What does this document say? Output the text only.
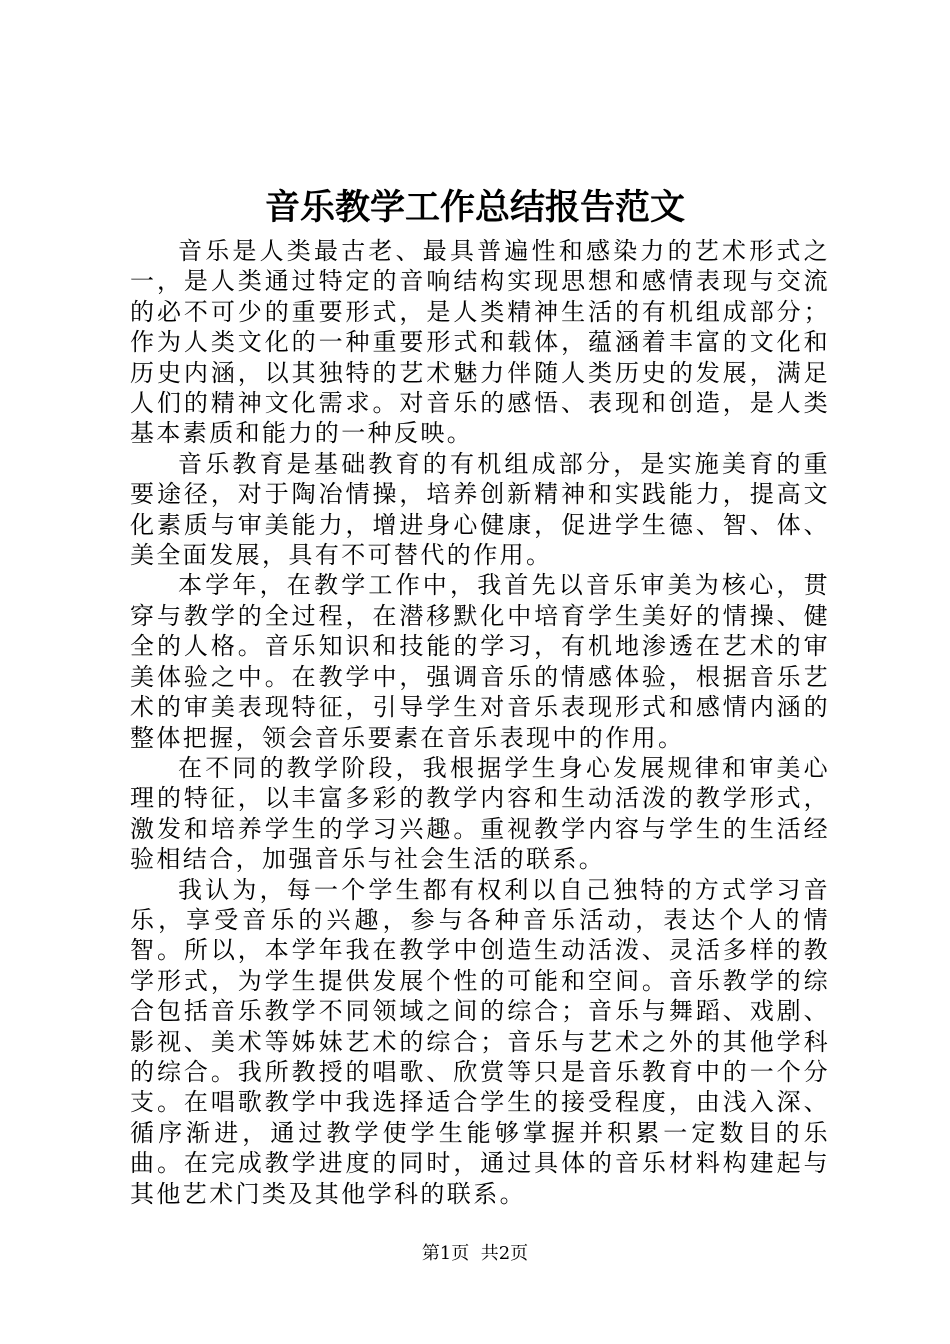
音乐教学工作总结报告范文

音乐是人类最古老、最具普遍性和感染力的艺术形式之一，是人类通过特定的音响结构实现思想和感情表现与交流的必不可少的重要形式，是人类精神生活的有机组成部分；作为人类文化的一种重要形式和载体，蕴涵着丰富的文化和历史内涵，以其独特的艺术魅力伴随人类历史的发展，满足人们的精神文化需求。对音乐的感悟、表现和创造，是人类基本素质和能力的一种反映。

音乐教育是基础教育的有机组成部分，是实施美育的重要途径，对于陶冶情操，培养创新精神和实践能力，提高文化素质与审美能力，增进身心健康，促进学生德、智、体、美全面发展，具有不可替代的作用。

本学年，在教学工作中，我首先以音乐审美为核心，贯穿与教学的全过程，在潜移默化中培育学生美好的情操、健全的人格。音乐知识和技能的学习，有机地渗透在艺术的审美体验之中。在教学中，强调音乐的情感体验，根据音乐艺术的审美表现特征，引导学生对音乐表现形式和感情内涵的整体把握，领会音乐要素在音乐表现中的作用。

在不同的教学阶段，我根据学生身心发展规律和审美心理的特征，以丰富多彩的教学内容和生动活泼的教学形式，激发和培养学生的学习兴趣。重视教学内容与学生的生活经验相结合，加强音乐与社会生活的联系。

我认为，每一个学生都有权利以自己独特的方式学习音乐，享受音乐的兴趣，参与各种音乐活动，表达个人的情智。所以，本学年我在教学中创造生动活泼、灵活多样的教学形式，为学生提供发展个性的可能和空间。音乐教学的综合包括音乐教学不同领域之间的综合；音乐与舞蹈、戏剧、影视、美术等姊妹艺术的综合；音乐与艺术之外的其他学科的综合。我所教授的唱歌、欣赏等只是音乐教育中的一个分支。在唱歌教学中我选择适合学生的接受程度，由浅入深、循序渐进，通过教学使学生能够掌握并积累一定数目的乐曲。在完成教学进度的同时，通过具体的音乐材料构建起与其他艺术门类及其他学科的联系。

第1页 共2页
